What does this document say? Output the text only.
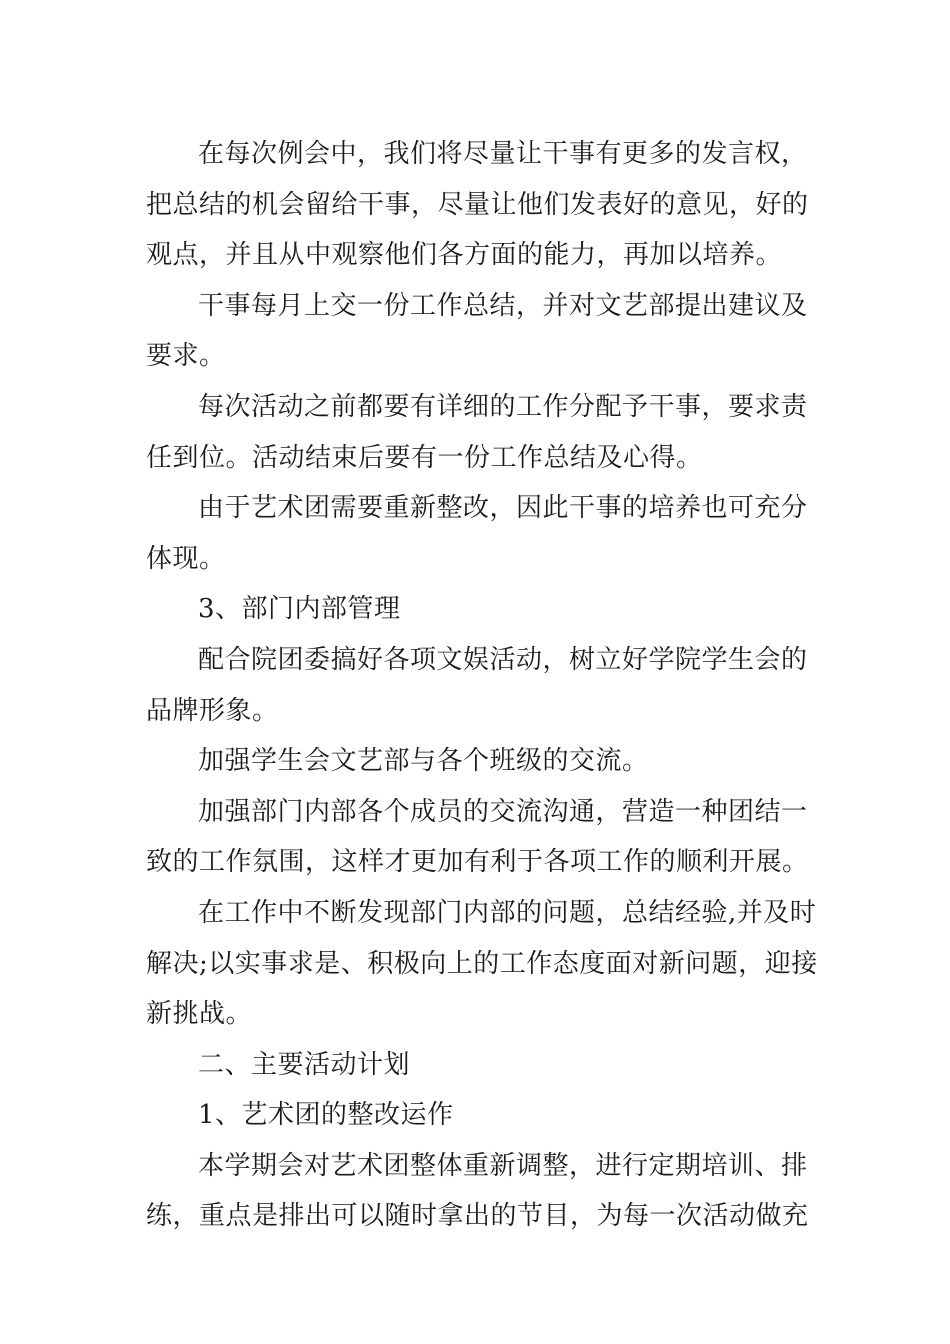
在每次例会中，我们将尽量让干事有更多的发言权，
把总结的机会留给干事，尽量让他们发表好的意见，好的
观点，并且从中观察他们各方面的能力，再加以培养。
干事每月上交一份工作总结，并对文艺部提出建议及
要求。
每次活动之前都要有详细的工作分配予干事，要求责
任到位。活动结束后要有一份工作总结及心得。
由于艺术团需要重新整改，因此干事的培养也可充分
体现。
3、部门内部管理
配合院团委搞好各项文娱活动，树立好学院学生会的
品牌形象。
加强学生会文艺部与各个班级的交流。
加强部门内部各个成员的交流沟通，营造一种团结一
致的工作氛围，这样才更加有利于各项工作的顺利开展。
在工作中不断发现部门内部的问题，总结经验,并及时
解决;以实事求是、积极向上的工作态度面对新问题，迎接
新挑战。
二、主要活动计划
1、艺术团的整改运作
本学期会对艺术团整体重新调整，进行定期培训、排
练，重点是排出可以随时拿出的节目，为每一次活动做充
